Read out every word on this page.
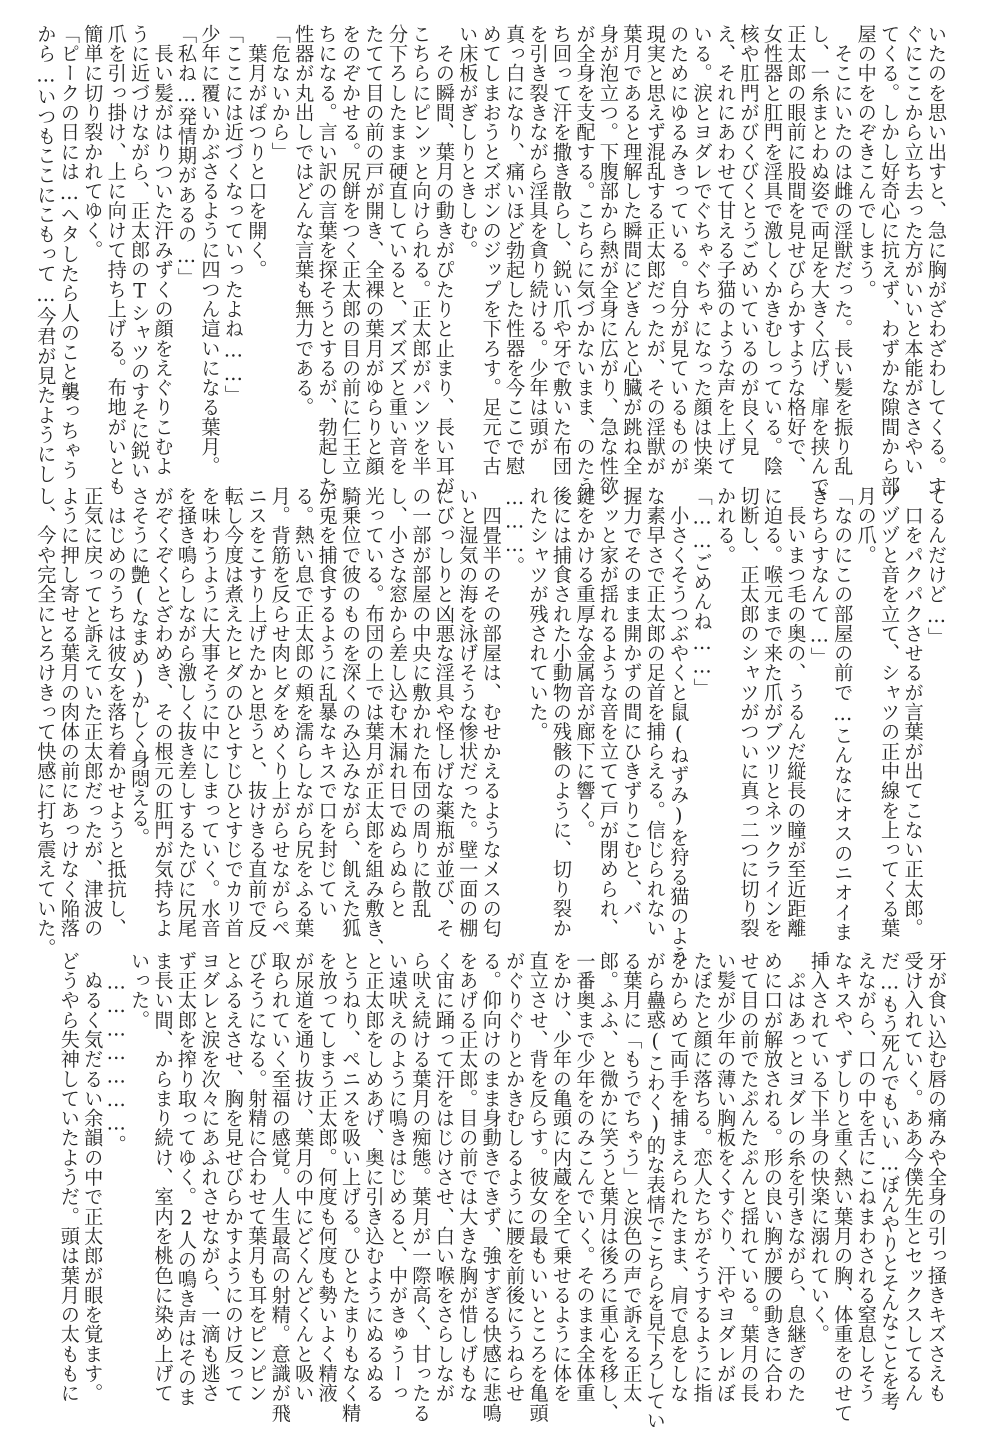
いたのを思い出すと、急に胸がざわざわしてくる。す
ぐにここから立ち去った方がいいと本能がささやい
てくる。しかし好奇心に抗えず、わずかな隙間から部
屋の中をのぞきこんでしまう。
　そこにいたのは雌の淫獣だった。長い髪を振り乱
し、一糸まとわぬ姿で両足を大きく広げ、扉を挟んで
正太郎の眼前に股間を見せびらかすような格好で、
女性器と肛門を淫具で激しくかきむしっている。陰
核や肛門がびくびくとうごめいているのが良く見
え、それにあわせて甘える子猫のような声を上げて
いる。涙とヨダレでぐちゃぐちゃになった顔は快楽
のためにゆるみきっている。自分が見ているものが
現実と思えず混乱する正太郎だったが、その淫獣が
葉月であると理解した瞬間にどきんと心臓が跳ね全
身が泡立つ。下腹部から熱が全身に広がり、急な性欲
が全身を支配する。こちらに気づかないまま、のたう
ち回って汗を撒き散らし、鋭い爪や牙で敷いた布団
を引き裂きながら淫具を貪り続ける。少年は頭が
真っ白になり、痛いほど勃起した性器を今ここで慰
めてしまおうとズボンのジップを下ろす。足元で古
い床板がぎしりときしむ。
　その瞬間、葉月の動きがぴたりと止まり、長い耳が
こちらにピンッと向けられる。正太郎がパンツを半
分下ろしたまま硬直していると、ズズズと重い音を
たてて目の前の戸が開き、全裸の葉月がゆらりと顔
をのぞかせる。尻餅をつく正太郎の目の前に仁王立
ちになる。言い訳の言葉を探そうとするが、勃起した
性器が丸出しではどんな言葉も無力である。
「危ないから」
　葉月がぽつりと口を開く。
「ここには近づくなっていったよね……」
少年に覆いかぶさるように四つん這いになる葉月。
「私ね…発情期があるの…」
　長い髪がはりついた汗みずくの顔をえぐりこむよ
うに近づけながら、正太郎のTシャツのすそに鋭い
爪を引っ掛け、上に向けて持ち上げる。布地がいとも
簡単に切り裂かれてゆく。
「ピークの日には…ヘタしたら人のこと襲っちゃう
から…いつもここにこもって…今君が見たようにし
てるんだけど…」
　口をパクパクさせるが言葉が出てこない正太郎。
ヅヅヅと音を立て、シャツの正中線を上ってくる葉
月の爪。
「なのにこの部屋の前で…こんなにオスのニオイま
きちらすなんて…」
　長いまつ毛の奥の、うるんだ縦長の瞳が至近距離
に迫る。喉元まで来た爪がブツリとネックラインを
切断し、正太郎のシャツがついに真っ二つに切り裂
かれる。
「……ごめんね……」
　小さくそうつぶやくと鼠(ねずみ)を狩る猫のよう
な素早さで正太郎の足首を捕らえる。信じられない
握力でそのまま開かずの間にひきずりこむと、バ
ンッと家が揺れるような音を立てて戸が閉められ、
鍵をかける重厚な金属音が廊下に響く。
後には捕食された小動物の残骸のように、切り裂か
れたシャツが残されていた。
………。
　四畳半のその部屋は、むせかえるようなメスの匂
いと湿気の海を泳げそうな惨状だった。壁一面の棚
にびっしりと凶悪な淫具や怪しげな薬瓶が並び、そ
の一部が部屋の中央に敷かれた布団の周りに散乱
し、小さな窓から差し込む木漏れ日でぬらぬらと
光っている。布団の上では葉月が正太郎を組み敷き、
騎乗位で彼のものを深くのみ込みながら、飢えた狐
が兎を捕食するように乱暴なキスで口を封じてい
る。熱い息で正太郎の頬を濡らしながら尻をふる葉
月。背筋を反らせ肉ヒダをめくり上がらせながらペ
ニスをこすり上げたかと思うと、抜けきる直前で反
転し今度は煮えたヒダのひとすじひとすじでカリ首
を味わうように大事そうに中にしまっていく。水音
を掻き鳴らしながら激しく抜き差しするたびに尻尾
がぞくぞくとざわめき、その根元の肛門が気持ちよ
さそうに艶(なまめ)かしく身悶える。
　はじめのうちは彼女を落ち着かせようと抵抗し、
正気に戻ってと訴えていた正太郎だったが、津波の
ように押し寄せる葉月の肉体の前にあっけなく陥落
し、今や完全にとろけきって快感に打ち震えていた。
牙が食い込む唇の痛みや全身の引っ掻きキズさえも
受け入れていく。ああ今僕先生とセックスしてるん
だ…もう死んでもいい…ぼんやりとそんなことを考
えながら、口の中を舌にこねまわされる窒息しそう
なキスや、ずしりと重く熱い葉月の胸、体重をのせて
挿入されている下半身の快楽に溺れていく。
　ぷはあっとヨダレの糸を引きながら、息継ぎのた
めに口が解放される。形の良い胸が腰の動きに合わ
せて目の前でたぷんたぷんと揺れている。葉月の長
い髪が少年の薄い胸板をくすぐり、汗やヨダレがぼ
たぼたと顔に落ちる。恋人たちがそうするように指
をからめて両手を捕まえられたまま、肩で息をしな
がら蠱惑(こわく)的な表情でこちらを見下ろしてい
る葉月に「もうでちゃう」と涙色の声で訴える正太
郎。ふふ、と微かに笑うと葉月は後ろに重心を移し、
一番奥まで少年をのみこんでいく。そのまま全体重
をかけ、少年の亀頭に内蔵を全て乗せるように体を
直立させ、背を反らす。彼女の最もいいところを亀頭
がぐりぐりとかきむしるように腰を前後にうねらせ
る。仰向けのまま身動きできず、強すぎる快感に悲鳴
をあげる正太郎。目の前では大きな胸が惜しげもな
く宙に踊って汗をはじけさせ、白い喉をさらしなが
ら吠え続ける葉月の痴態。葉月が一際高く、甘ったる
い遠吠えのように鳴きはじめると、中がきゅうーっ
と正太郎をしめあげ、奥に引き込むようにぬるぬる
とうねり、ペニスを吸い上げる。ひとたまりもなく精
を放ってしまう正太郎。何度も何度も勢いよく精液
が尿道を通り抜け、葉月の中にどくんどくんと吸い
取られていく至福の感覚。人生最高の射精。意識が飛
びそうになる。射精に合わせて葉月も耳をピンピン
とふるえさせ、胸を見せびらかすようにのけ反って
ヨダレと涙を次々にあふれさせながら、一滴も逃さ
ず正太郎を搾り取ってゆく。2人の鳴き声はそのま
ま長い間、からまり続け、室内を桃色に染め上げて
いった。
　…………………。
　ぬるく気だるい余韻の中で正太郎が眼を覚ます。
どうやら失神していたようだ。頭は葉月の太ももに
